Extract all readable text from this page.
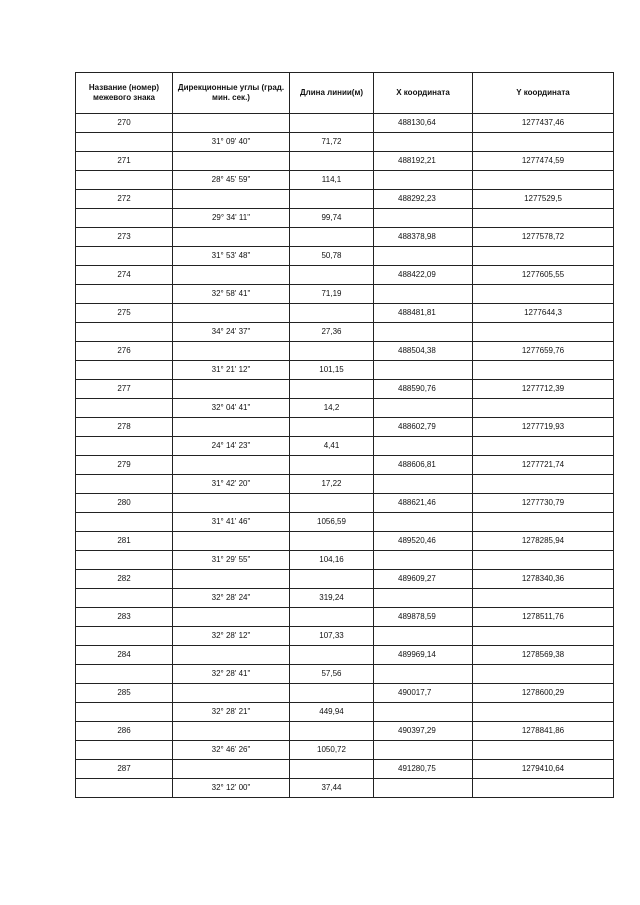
Название (номер) межевого знака	Дирекционные углы (град. мин. сек.)	Длина линии(м)	X координата	Y координата
270			488130,64	1277437,46
	31° 09' 40"	71,72		
271			488192,21	1277474,59
	28° 45' 59"	114,1		
272			488292,23	1277529,5
	29° 34' 11"	99,74		
273			488378,98	1277578,72
	31° 53' 48"	50,78		
274			488422,09	1277605,55
	32° 58' 41"	71,19		
275			488481,81	1277644,3
	34° 24' 37"	27,36		
276			488504,38	1277659,76
	31° 21' 12"	101,15		
277			488590,76	1277712,39
	32° 04' 41"	14,2		
278			488602,79	1277719,93
	24° 14' 23"	4,41		
279			488606,81	1277721,74
	31° 42' 20"	17,22		
280			488621,46	1277730,79
	31° 41' 46"	1056,59		
281			489520,46	1278285,94
	31° 29' 55"	104,16		
282			489609,27	1278340,36
	32° 28' 24"	319,24		
283			489878,59	1278511,76
	32° 28' 12"	107,33		
284			489969,14	1278569,38
	32° 28' 41"	57,56		
285			490017,7	1278600,29
	32° 28' 21"	449,94		
286			490397,29	1278841,86
	32° 46' 26"	1050,72		
287			491280,75	1279410,64
	32° 12' 00"	37,44		
